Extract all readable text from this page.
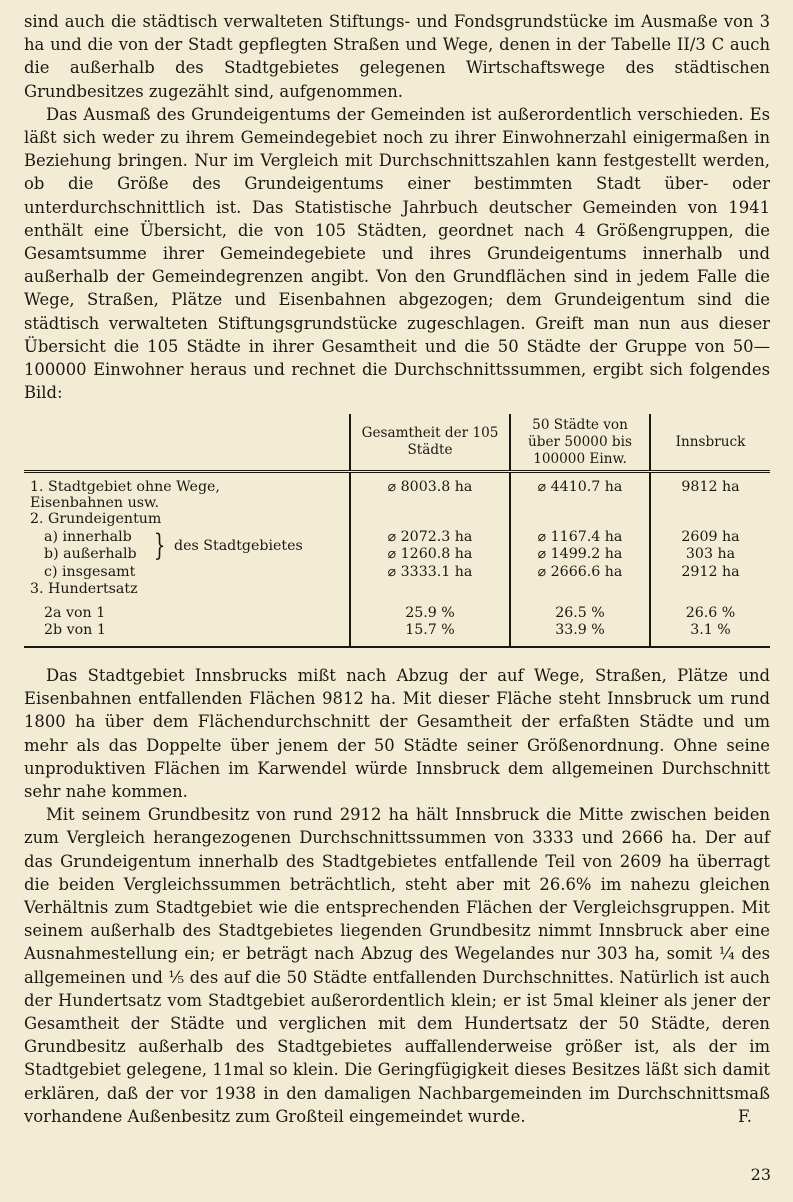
sind auch die städtisch verwalteten Stiftungs- und Fondsgrundstücke im Ausmaße von 3 ha und die von der Stadt gepflegten Straßen und Wege, denen in der Tabelle II/3 C auch die außerhalb des Stadtgebietes gelegenen Wirtschaftswege des städtischen Grundbesitzes zugezählt sind, aufgenommen.

Das Ausmaß des Grundeigentums der Gemeinden ist außerordentlich verschieden. Es läßt sich weder zu ihrem Gemeindegebiet noch zu ihrer Einwohnerzahl einigermaßen in Beziehung bringen. Nur im Vergleich mit Durchschnittszahlen kann festgestellt werden, ob die Größe des Grundeigentums einer bestimmten Stadt über- oder unterdurchschnittlich ist. Das Statistische Jahrbuch deutscher Gemeinden von 1941 enthält eine Übersicht, die von 105 Städten, geordnet nach 4 Größengruppen, die Gesamtsumme ihrer Gemeindegebiete und ihres Grundeigentums innerhalb und außerhalb der Gemeindegrenzen angibt. Von den Grundflächen sind in jedem Falle die Wege, Straßen, Plätze und Eisenbahnen abgezogen; dem Grundeigentum sind die städtisch verwalteten Stiftungsgrundstücke zugeschlagen. Greift man nun aus dieser Übersicht die 105 Städte in ihrer Gesamtheit und die 50 Städte der Gruppe von 50—100000 Einwohner heraus und rechnet die Durchschnittssummen, ergibt sich folgendes Bild:

	Gesamtheit der 105 Städte	50 Städte von über 50000 bis 100000 Einw.	Innsbruck

1. Stadtgebiet ohne Wege, Eisenbahnen usw.	⌀ 8003.8 ha	⌀ 4410.7 ha	9812 ha
2. Grundeigentum			
a) innerhalb } des Stadtgebietes	⌀ 2072.3 ha	⌀ 1167.4 ha	2609 ha
b) außerhalb	⌀ 1260.8 ha	⌀ 1499.2 ha	303 ha
c) insgesamt	⌀ 3333.1 ha	⌀ 2666.6 ha	2912 ha
3. Hundertsatz			

2a von 1	25.9 %	26.5 %	26.6 %
2b von 1	15.7 %	33.9 %	3.1 %

Das Stadtgebiet Innsbrucks mißt nach Abzug der auf Wege, Straßen, Plätze und Eisenbahnen entfallenden Flächen 9812 ha. Mit dieser Fläche steht Innsbruck um rund 1800 ha über dem Flächendurchschnitt der Gesamtheit der erfaßten Städte und um mehr als das Doppelte über jenem der 50 Städte seiner Größenordnung. Ohne seine unproduktiven Flächen im Karwendel würde Innsbruck dem allgemeinen Durchschnitt sehr nahe kommen.

Mit seinem Grundbesitz von rund 2912 ha hält Innsbruck die Mitte zwischen beiden zum Vergleich herangezogenen Durchschnittssummen von 3333 und 2666 ha. Der auf das Grundeigentum innerhalb des Stadtgebietes entfallende Teil von 2609 ha überragt die beiden Vergleichssummen beträchtlich, steht aber mit 26.6% im nahezu gleichen Verhältnis zum Stadtgebiet wie die entsprechenden Flächen der Vergleichsgruppen. Mit seinem außerhalb des Stadtgebietes liegenden Grundbesitz nimmt Innsbruck aber eine Ausnahmestellung ein; er beträgt nach Abzug des Wegelandes nur 303 ha, somit ¼ des allgemeinen und ⅕ des auf die 50 Städte entfallenden Durchschnittes. Natürlich ist auch der Hundertsatz vom Stadtgebiet außerordentlich klein; er ist 5mal kleiner als jener der Gesamtheit der Städte und verglichen mit dem Hundertsatz der 50 Städte, deren Grundbesitz außerhalb des Stadtgebietes auffallenderweise größer ist, als der im Stadtgebiet gelegene, 11mal so klein. Die Geringfügigkeit dieses Besitzes läßt sich damit erklären, daß der vor 1938 in den damaligen Nachbargemeinden im Durchschnittsmaß vorhandene Außenbesitz zum Großteil eingemeindet wurde.	F.

23
